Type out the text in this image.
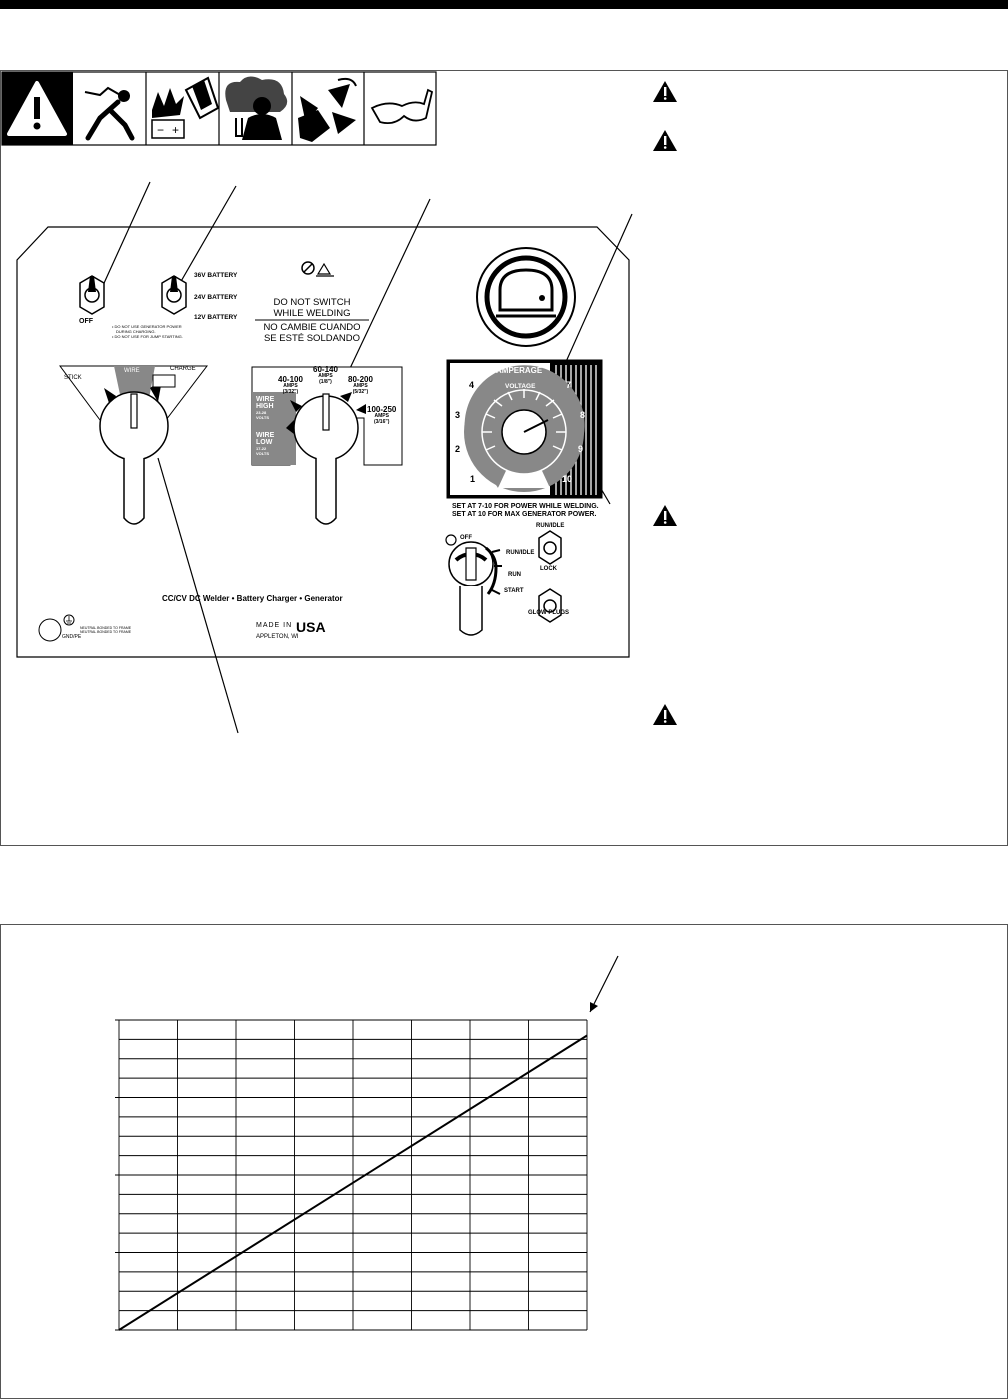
− +
OFF
• DO NOT USE GENERATOR POWER
DURING CHARGING.
• DO NOT USE FOR JUMP STARTING.
36V BATTERY
24V BATTERY
12V BATTERY
DO NOT SWITCH
WHILE WELDING
NO CAMBIE CUANDO
SE ESTÉ SOLDANDO
STICK
WIRE	CHARGE
40-100
AMPS
(3/32")
60-140
AMPS
(1/8")	80-200
AMPS
(5/32")
100-250
AMPS
(3/16")
WIRE
HIGH
23-28
VOLTS
WIRE
LOW
17-22
VOLTS
AMPERAGE
VOLTAGE
1
2
3
4	7
8
9
10
SET AT 7-10 FOR POWER WHILE WELDING.
SET AT 10 FOR MAX GENERATOR POWER.
OFF
RUN/IDLE
RUN
START
RUN/IDLE
LOCK
GLOW PLUGS
CC/CV DC Welder • Battery Charger • Generator
GND/PE
NEUTRAL BONDED TO FRAME
NEUTRAL BONDED TO FRAME
MADE IN USA
APPLETON, WI
